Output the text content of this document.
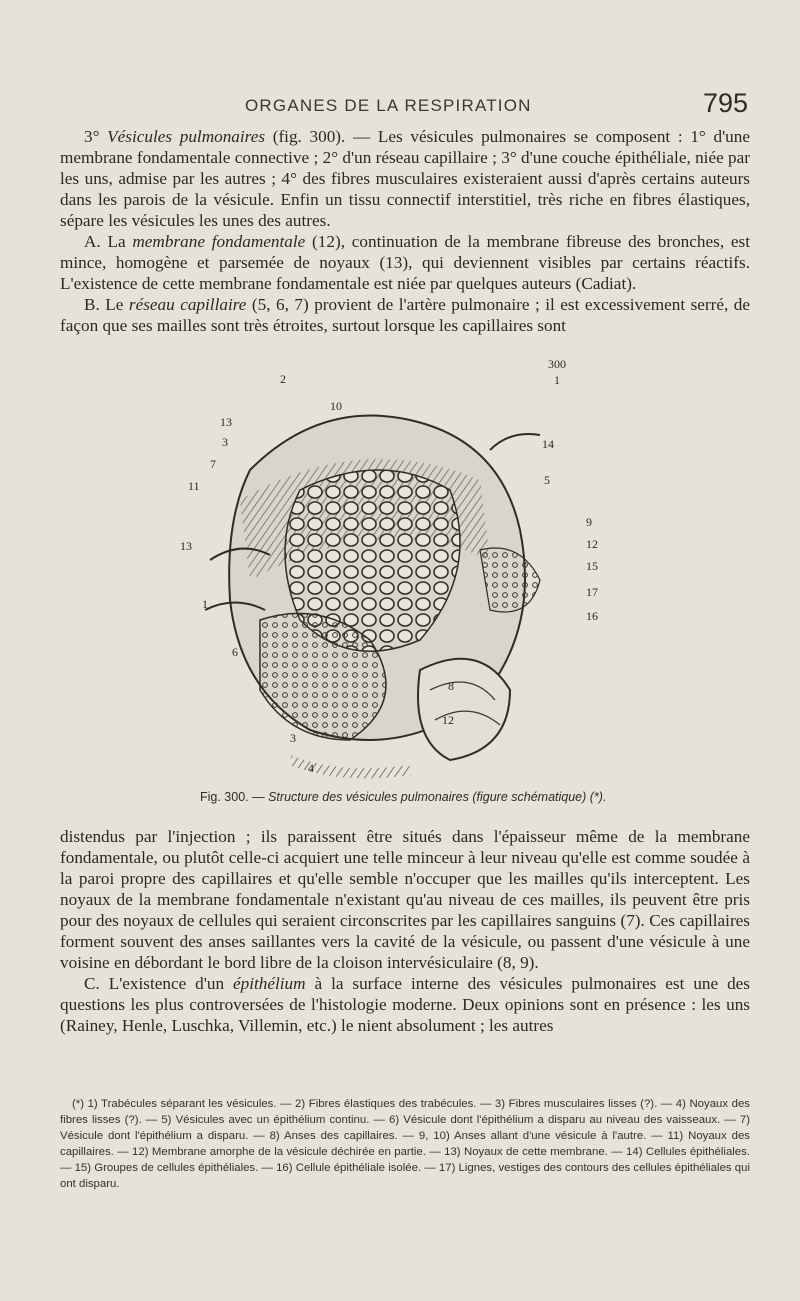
ORGANES DE LA RESPIRATION	795

3° Vésicules pulmonaires (fig. 300). — Les vésicules pulmonaires se composent : 1° d'une membrane fondamentale connective ; 2° d'un réseau capillaire ; 3° d'une couche épithéliale, niée par les uns, admise par les autres ; 4° des fibres musculaires existeraient aussi d'après certains auteurs dans les parois de la vésicule. Enfin un tissu connectif interstitiel, très riche en fibres élastiques, sépare les vésicules les unes des autres.

A. La membrane fondamentale (12), continuation de la membrane fibreuse des bronches, est mince, homogène et parsemée de noyaux (13), qui deviennent visibles par certains réactifs. L'existence de cette membrane fondamentale est niée par quelques auteurs (Cadiat).

B. Le réseau capillaire (5, 6, 7) provient de l'artère pulmonaire ; il est excessivement serré, de façon que ses mailles sont très étroites, surtout lorsque les capillaires sont

300
1
2
10
13
3
7
11
13
1
6
3
4
14
5
9
12
15
17
16
8
12
Fig. 300. — Structure des vésicules pulmonaires (figure schématique) (*).

distendus par l'injection ; ils paraissent être situés dans l'épaisseur même de la membrane fondamentale, ou plutôt celle-ci acquiert une telle minceur à leur niveau qu'elle est comme soudée à la paroi propre des capillaires et qu'elle semble n'occuper que les mailles qu'ils interceptent. Les noyaux de la membrane fondamentale n'existant qu'au niveau de ces mailles, ils peuvent être pris pour des noyaux de cellules qui seraient circonscrites par les capillaires sanguins (7). Ces capillaires forment souvent des anses saillantes vers la cavité de la vésicule, ou passent d'une vésicule à une voisine en débordant le bord libre de la cloison intervésiculaire (8, 9).

C. L'existence d'un épithélium à la surface interne des vésicules pulmonaires est une des questions les plus controversées de l'histologie moderne. Deux opinions sont en présence : les uns (Rainey, Henle, Luschka, Villemin, etc.) le nient absolument ; les autres

(*) 1) Trabécules séparant les vésicules. — 2) Fibres élastiques des trabécules. — 3) Fibres musculaires lisses (?). — 4) Noyaux des fibres lisses (?). — 5) Vésicules avec un épithélium continu. — 6) Vésicule dont l'épithélium a disparu au niveau des vaisseaux. — 7) Vésicule dont l'épithélium a disparu. — 8) Anses des capillaires. — 9, 10) Anses allant d'une vésicule à l'autre. — 11) Noyaux des capillaires. — 12) Membrane amorphe de la vésicule déchirée en partie. — 13) Noyaux de cette membrane. — 14) Cellules épithéliales. — 15) Groupes de cellules épithéliales. — 16) Cellule épithéliale isolée. — 17) Lignes, vestiges des contours des cellules épithéliales qui ont disparu.
